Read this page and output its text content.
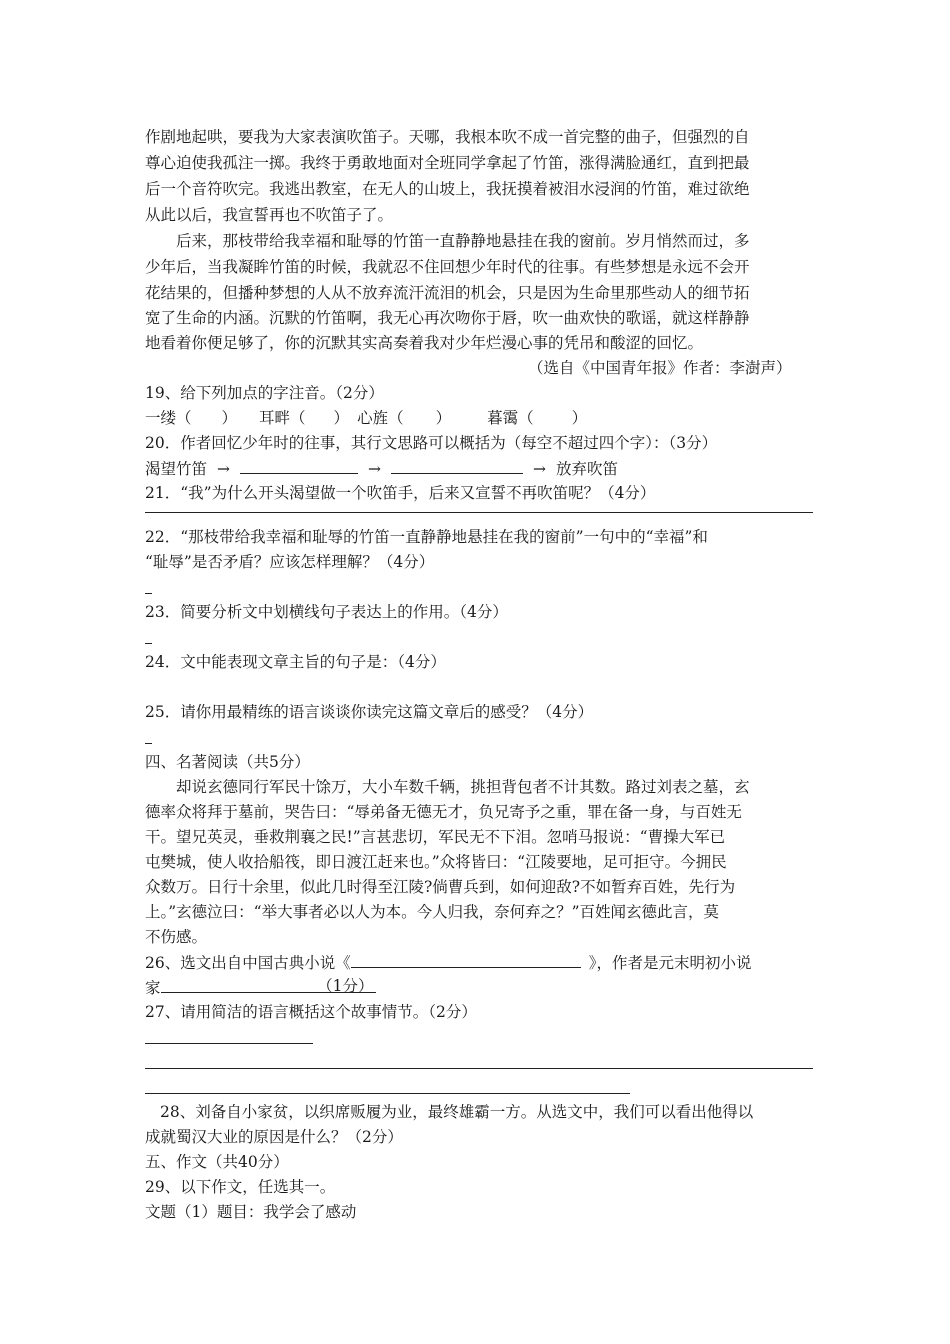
作剧地起哄，要我为大家表演吹笛子。天哪，我根本吹不成一首完整的曲子，但强烈的自
尊心迫使我孤注一掷。我终于勇敢地面对全班同学拿起了竹笛，涨得满脸通红，直到把最
后一个音符吹完。我逃出教室，在无人的山坡上，我抚摸着被泪水浸润的竹笛，难过欲绝
从此以后，我宣誓再也不吹笛子了。
后来，那枝带给我幸福和耻辱的竹笛一直静静地悬挂在我的窗前。岁月悄然而过，多
少年后，当我凝眸竹笛的时候，我就忍不住回想少年时代的往事。有些梦想是永远不会开
花结果的，但播种梦想的人从不放弃流汗流泪的机会，只是因为生命里那些动人的细节拓
宽了生命的内涵。沉默的竹笛啊，我无心再次吻你于唇，吹一曲欢快的歌谣，就这样静静
地看着你便足够了，你的沉默其实高奏着我对少年烂漫心事的凭吊和酸涩的回忆。
（选自《中国青年报》作者：李澍声）
19、给下列加点的字注音。（2分）
一缕（ ） 耳畔（ ） 心旌（ ） 暮霭（ ）
20．作者回忆少年时的往事，其行文思路可以概括为（每空不超过四个字）：（3分）
渴望竹笛 →	→	→ 放弃吹笛
21．“我”为什么开头渴望做一个吹笛手，后来又宣誓不再吹笛呢？（4分）
22．“那枝带给我幸福和耻辱的竹笛一直静静地悬挂在我的窗前”一句中的“幸福”和
“耻辱”是否矛盾？应该怎样理解？（4分）
23．简要分析文中划横线句子表达上的作用。（4分）
24．文中能表现文章主旨的句子是：（4分）
25．请你用最精练的语言谈谈你读完这篇文章后的感受？（4分）
四、名著阅读（共5分）
却说玄德同行军民十馀万，大小车数千辆，挑担背包者不计其数。路过刘表之墓，玄
德率众将拜于墓前，哭告曰：“辱弟备无德无才，负兄寄予之重，罪在备一身，与百姓无
干。望兄英灵，垂救荆襄之民!”言甚悲切，军民无不下泪。忽哨马报说：“曹操大军已
屯樊城，使人收拾船筏，即日渡江赶来也。”众将皆曰：“江陵要地，足可拒守。今拥民
众数万。日行十余里，似此几时得至江陵?倘曹兵到，如何迎敌?不如暂弃百姓，先行为
上。”玄德泣曰：“举大事者必以人为本。今人归我，奈何弃之？”百姓闻玄德此言，莫
不伤感。
26、选文出自中国古典小说《	》，作者是元末明初小说
家	（1分）
27、请用简洁的语言概括这个故事情节。（2分）
28、刘备自小家贫，以织席贩履为业，最终雄霸一方。从选文中，我们可以看出他得以
成就蜀汉大业的原因是什么？（2分）
五、作文（共40分）
29、以下作文，任选其一。
文题（1）题目：我学会了感动
